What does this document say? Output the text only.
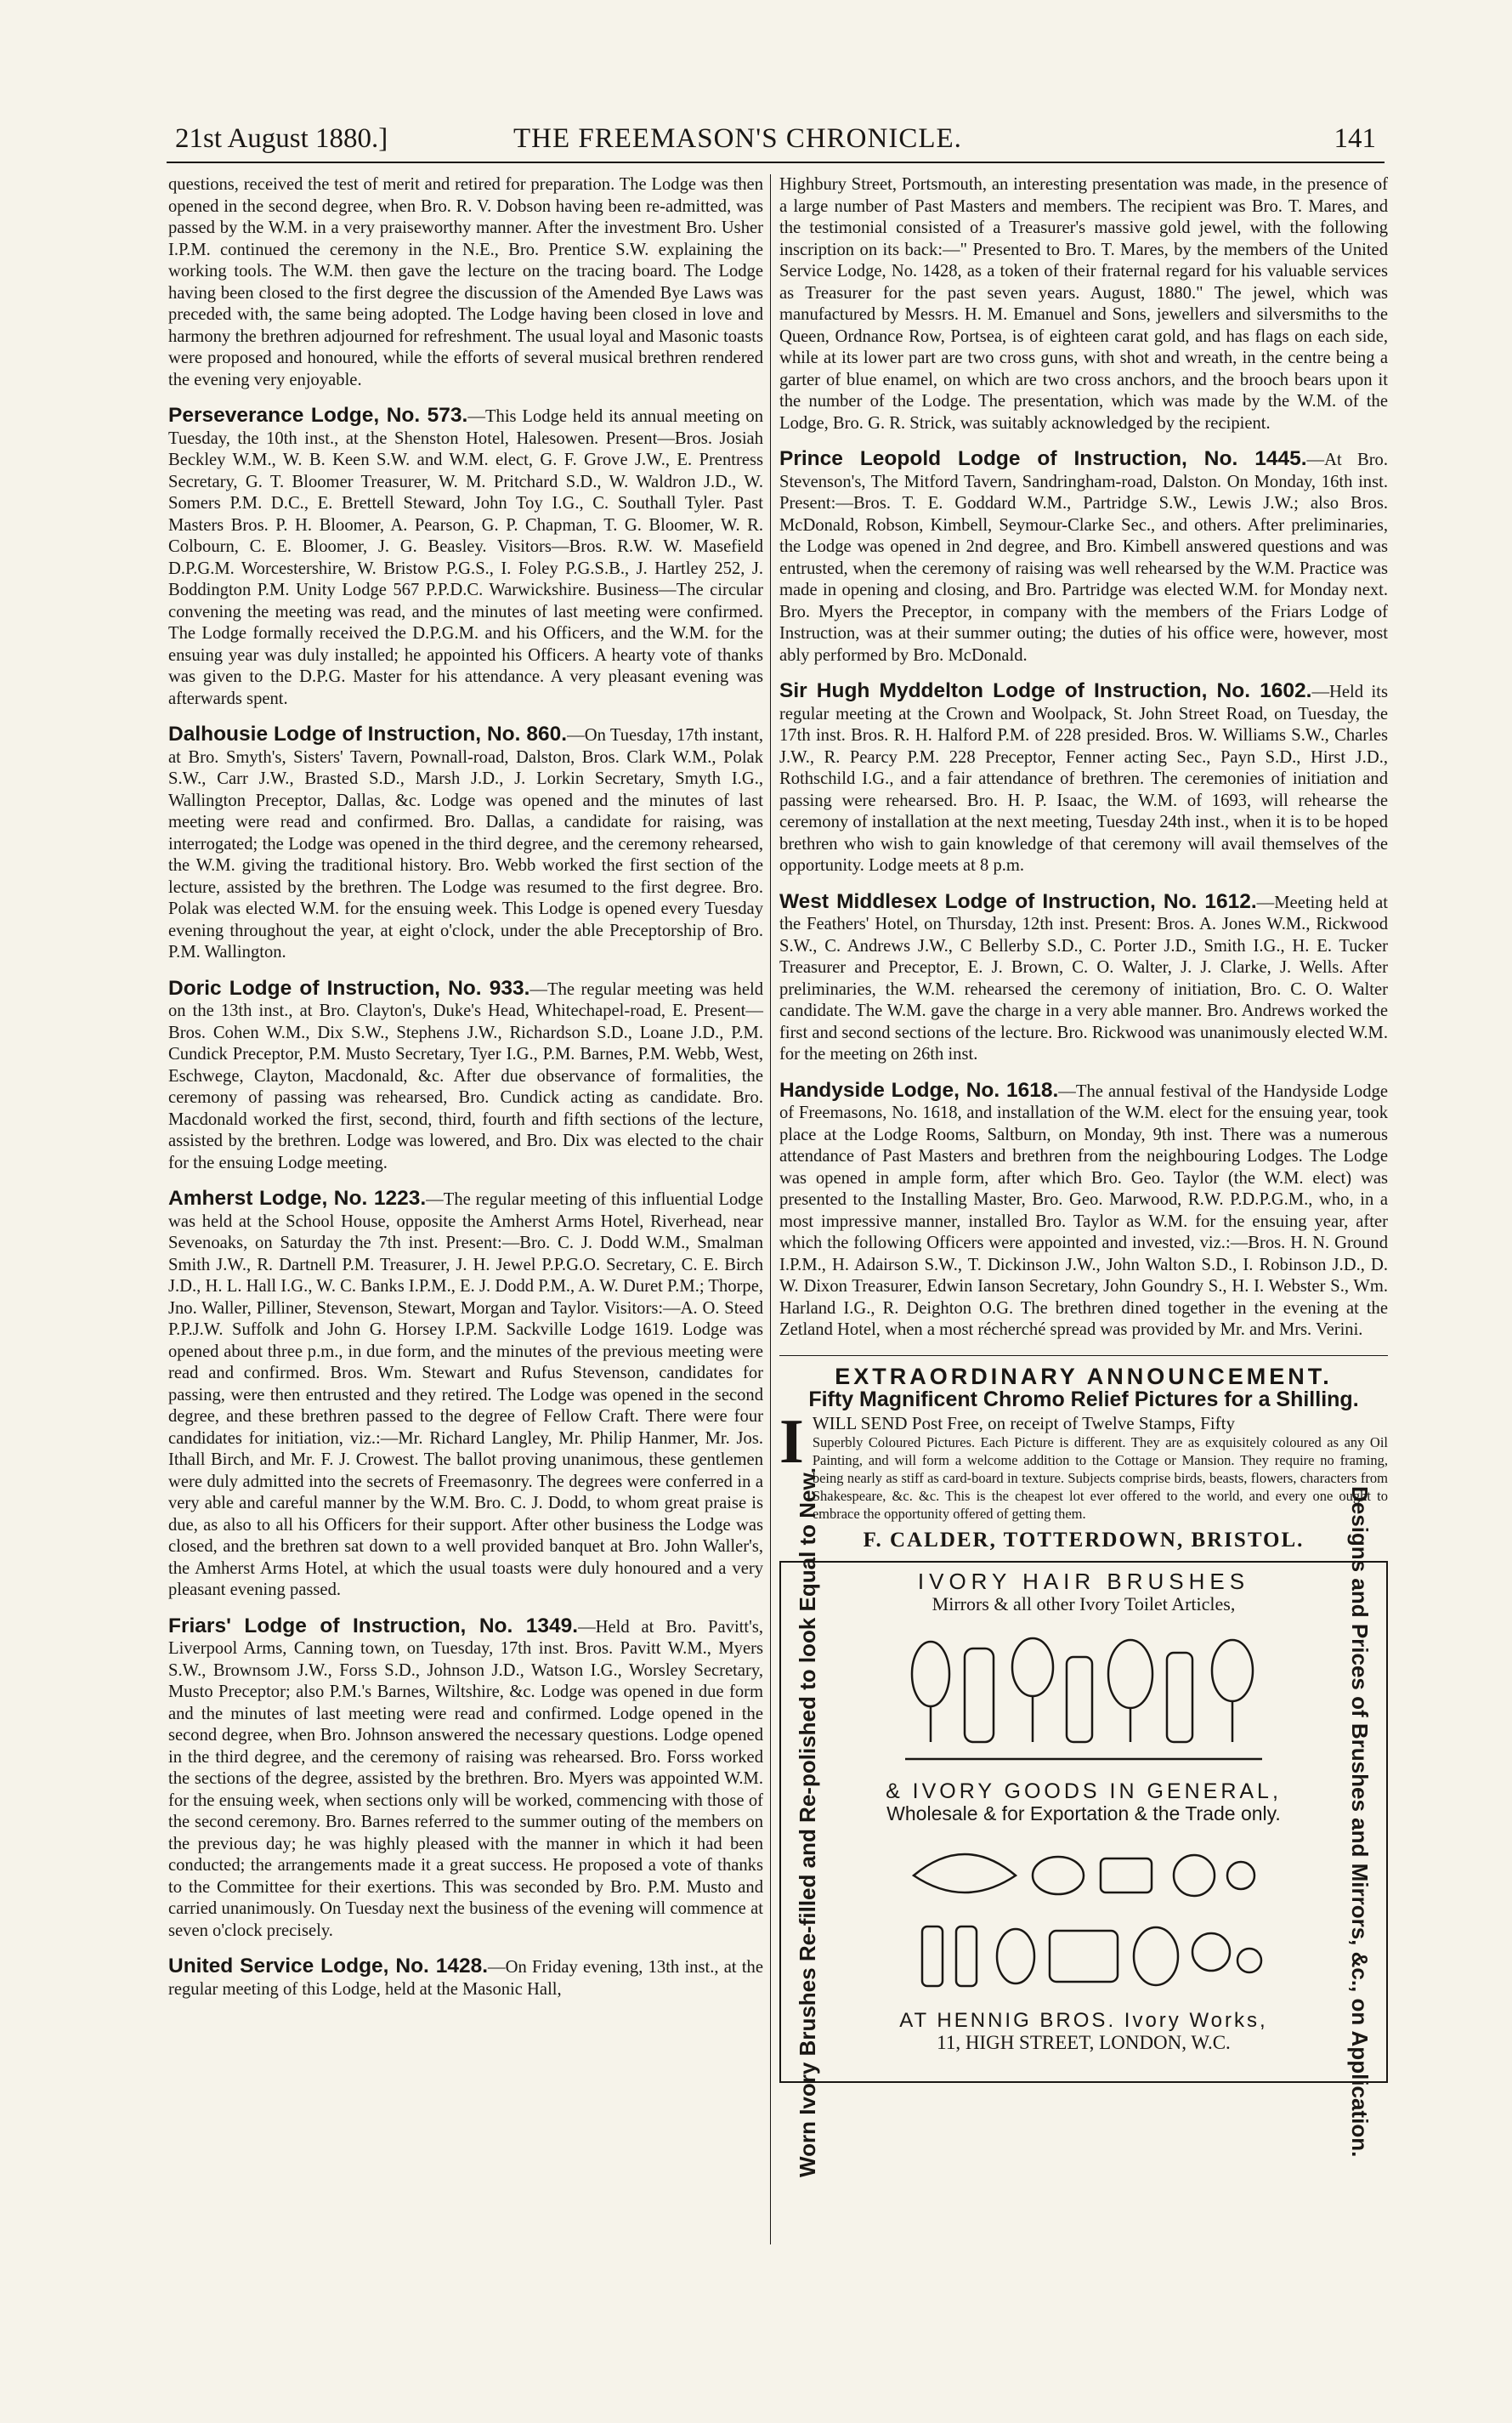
21st August 1880.]	THE FREEMASON'S CHRONICLE.	141

questions, received the test of merit and retired for preparation. The Lodge was then opened in the second degree, when Bro. R. V. Dobson having been re-admitted, was passed by the W.M. in a very praiseworthy manner. After the investment Bro. Usher I.P.M. continued the ceremony in the N.E., Bro. Prentice S.W. explaining the working tools. The W.M. then gave the lecture on the tracing board. The Lodge having been closed to the first degree the discussion of the Amended Bye Laws was preceded with, the same being adopted. The Lodge having been closed in love and harmony the brethren adjourned for refreshment. The usual loyal and Masonic toasts were proposed and honoured, while the efforts of several musical brethren rendered the evening very enjoyable.

Perseverance Lodge, No. 573.—This Lodge held its annual meeting on Tuesday, the 10th inst., at the Shenston Hotel, Halesowen. Present—Bros. Josiah Beckley W.M., W. B. Keen S.W. and W.M. elect, G. F. Grove J.W., E. Prentress Secretary, G. T. Bloomer Treasurer, W. M. Pritchard S.D., W. Waldron J.D., W. Somers P.M. D.C., E. Brettell Steward, John Toy I.G., C. Southall Tyler. Past Masters Bros. P. H. Bloomer, A. Pearson, G. P. Chapman, T. G. Bloomer, W. R. Colbourn, C. E. Bloomer, J. G. Beasley. Visitors—Bros. R.W. W. Masefield D.P.G.M. Worcestershire, W. Bristow P.G.S., I. Foley P.G.S.B., J. Hartley 252, J. Boddington P.M. Unity Lodge 567 P.P.D.C. Warwickshire. Business—The circular convening the meeting was read, and the minutes of last meeting were confirmed. The Lodge formally received the D.P.G.M. and his Officers, and the W.M. for the ensuing year was duly installed; he appointed his Officers. A hearty vote of thanks was given to the D.P.G. Master for his attendance. A very pleasant evening was afterwards spent.

Dalhousie Lodge of Instruction, No. 860.—On Tuesday, 17th instant, at Bro. Smyth's, Sisters' Tavern, Pownall-road, Dalston, Bros. Clark W.M., Polak S.W., Carr J.W., Brasted S.D., Marsh J.D., J. Lorkin Secretary, Smyth I.G., Wallington Preceptor, Dallas, &c. Lodge was opened and the minutes of last meeting were read and confirmed. Bro. Dallas, a candidate for raising, was interrogated; the Lodge was opened in the third degree, and the ceremony rehearsed, the W.M. giving the traditional history. Bro. Webb worked the first section of the lecture, assisted by the brethren. The Lodge was resumed to the first degree. Bro. Polak was elected W.M. for the ensuing week. This Lodge is opened every Tuesday evening throughout the year, at eight o'clock, under the able Preceptorship of Bro. P.M. Wallington.

Doric Lodge of Instruction, No. 933.—The regular meeting was held on the 13th inst., at Bro. Clayton's, Duke's Head, Whitechapel-road, E. Present—Bros. Cohen W.M., Dix S.W., Stephens J.W., Richardson S.D., Loane J.D., P.M. Cundick Preceptor, P.M. Musto Secretary, Tyer I.G., P.M. Barnes, P.M. Webb, West, Eschwege, Clayton, Macdonald, &c. After due observance of formalities, the ceremony of passing was rehearsed, Bro. Cundick acting as candidate. Bro. Macdonald worked the first, second, third, fourth and fifth sections of the lecture, assisted by the brethren. Lodge was lowered, and Bro. Dix was elected to the chair for the ensuing Lodge meeting.

Amherst Lodge, No. 1223.—The regular meeting of this influential Lodge was held at the School House, opposite the Amherst Arms Hotel, Riverhead, near Sevenoaks, on Saturday the 7th inst. Present:—Bro. C. J. Dodd W.M., Smalman Smith J.W., R. Dartnell P.M. Treasurer, J. H. Jewel P.P.G.O. Secretary, C. E. Birch J.D., H. L. Hall I.G., W. C. Banks I.P.M., E. J. Dodd P.M., A. W. Duret P.M.; Thorpe, Jno. Waller, Pilliner, Stevenson, Stewart, Morgan and Taylor. Visitors:—A. O. Steed P.P.J.W. Suffolk and John G. Horsey I.P.M. Sackville Lodge 1619. Lodge was opened about three p.m., in due form, and the minutes of the previous meeting were read and confirmed. Bros. Wm. Stewart and Rufus Stevenson, candidates for passing, were then entrusted and they retired. The Lodge was opened in the second degree, and these brethren passed to the degree of Fellow Craft. There were four candidates for initiation, viz.:—Mr. Richard Langley, Mr. Philip Hanmer, Mr. Jos. Ithall Birch, and Mr. F. J. Crowest. The ballot proving unanimous, these gentlemen were duly admitted into the secrets of Freemasonry. The degrees were conferred in a very able and careful manner by the W.M. Bro. C. J. Dodd, to whom great praise is due, as also to all his Officers for their support. After other business the Lodge was closed, and the brethren sat down to a well provided banquet at Bro. John Waller's, the Amherst Arms Hotel, at which the usual toasts were duly honoured and a very pleasant evening passed.

Friars' Lodge of Instruction, No. 1349.—Held at Bro. Pavitt's, Liverpool Arms, Canning town, on Tuesday, 17th inst. Bros. Pavitt W.M., Myers S.W., Brownsom J.W., Forss S.D., Johnson J.D., Watson I.G., Worsley Secretary, Musto Preceptor; also P.M.'s Barnes, Wiltshire, &c. Lodge was opened in due form and the minutes of last meeting were read and confirmed. Lodge opened in the second degree, when Bro. Johnson answered the necessary questions. Lodge opened in the third degree, and the ceremony of raising was rehearsed. Bro. Forss worked the sections of the degree, assisted by the brethren. Bro. Myers was appointed W.M. for the ensuing week, when sections only will be worked, commencing with those of the second ceremony. Bro. Barnes referred to the summer outing of the members on the previous day; he was highly pleased with the manner in which it had been conducted; the arrangements made it a great success. He proposed a vote of thanks to the Committee for their exertions. This was seconded by Bro. P.M. Musto and carried unanimously. On Tuesday next the business of the evening will commence at seven o'clock precisely.

United Service Lodge, No. 1428.—On Friday evening, 13th inst., at the regular meeting of this Lodge, held at the Masonic Hall,

Highbury Street, Portsmouth, an interesting presentation was made, in the presence of a large number of Past Masters and members. The recipient was Bro. T. Mares, and the testimonial consisted of a Treasurer's massive gold jewel, with the following inscription on its back:—" Presented to Bro. T. Mares, by the members of the United Service Lodge, No. 1428, as a token of their fraternal regard for his valuable services as Treasurer for the past seven years. August, 1880." The jewel, which was manufactured by Messrs. H. M. Emanuel and Sons, jewellers and silversmiths to the Queen, Ordnance Row, Portsea, is of eighteen carat gold, and has flags on each side, while at its lower part are two cross guns, with shot and wreath, in the centre being a garter of blue enamel, on which are two cross anchors, and the brooch bears upon it the number of the Lodge. The presentation, which was made by the W.M. of the Lodge, Bro. G. R. Strick, was suitably acknowledged by the recipient.

Prince Leopold Lodge of Instruction, No. 1445.—At Bro. Stevenson's, The Mitford Tavern, Sandringham-road, Dalston. On Monday, 16th inst. Present:—Bros. T. E. Goddard W.M., Partridge S.W., Lewis J.W.; also Bros. McDonald, Robson, Kimbell, Seymour-Clarke Sec., and others. After preliminaries, the Lodge was opened in 2nd degree, and Bro. Kimbell answered questions and was entrusted, when the ceremony of raising was well rehearsed by the W.M. Practice was made in opening and closing, and Bro. Partridge was elected W.M. for Monday next. Bro. Myers the Preceptor, in company with the members of the Friars Lodge of Instruction, was at their summer outing; the duties of his office were, however, most ably performed by Bro. McDonald.

Sir Hugh Myddelton Lodge of Instruction, No. 1602.—Held its regular meeting at the Crown and Woolpack, St. John Street Road, on Tuesday, the 17th inst. Bros. R. H. Halford P.M. of 228 presided. Bros. W. Williams S.W., Charles J.W., R. Pearcy P.M. 228 Preceptor, Fenner acting Sec., Payn S.D., Hirst J.D., Rothschild I.G., and a fair attendance of brethren. The ceremonies of initiation and passing were rehearsed. Bro. H. P. Isaac, the W.M. of 1693, will rehearse the ceremony of installation at the next meeting, Tuesday 24th inst., when it is to be hoped brethren who wish to gain knowledge of that ceremony will avail themselves of the opportunity. Lodge meets at 8 p.m.

West Middlesex Lodge of Instruction, No. 1612.—Meeting held at the Feathers' Hotel, on Thursday, 12th inst. Present: Bros. A. Jones W.M., Rickwood S.W., C. Andrews J.W., C Bellerby S.D., C. Porter J.D., Smith I.G., H. E. Tucker Treasurer and Preceptor, E. J. Brown, C. O. Walter, J. J. Clarke, J. Wells. After preliminaries, the W.M. rehearsed the ceremony of initiation, Bro. C. O. Walter candidate. The W.M. gave the charge in a very able manner. Bro. Andrews worked the first and second sections of the lecture. Bro. Rickwood was unanimously elected W.M. for the meeting on 26th inst.

Handyside Lodge, No. 1618.—The annual festival of the Handyside Lodge of Freemasons, No. 1618, and installation of the W.M. elect for the ensuing year, took place at the Lodge Rooms, Saltburn, on Monday, 9th inst. There was a numerous attendance of Past Masters and brethren from the neighbouring Lodges. The Lodge was opened in ample form, after which Bro. Geo. Taylor (the W.M. elect) was presented to the Installing Master, Bro. Geo. Marwood, R.W. P.D.P.G.M., who, in a most impressive manner, installed Bro. Taylor as W.M. for the ensuing year, after which the following Officers were appointed and invested, viz.:—Bros. H. N. Ground I.P.M., H. Adairson S.W., T. Dickinson J.W., John Walton S.D., I. Robinson J.D., D. W. Dixon Treasurer, Edwin Ianson Secretary, John Goundry S., H. I. Webster S., Wm. Harland I.G., R. Deighton O.G. The brethren dined together in the evening at the Zetland Hotel, when a most récherché spread was provided by Mr. and Mrs. Verini.

EXTRAORDINARY ANNOUNCEMENT.

Fifty Magnificent Chromo Relief Pictures for a Shilling.

I WILL SEND Post Free, on receipt of Twelve Stamps, Fifty
Superbly Coloured Pictures. Each Picture is different. They are as exquisitely coloured as any Oil Painting, and will form a welcome addition to the Cottage or Mansion. They require no framing, being nearly as stiff as card-board in texture. Subjects comprise birds, beasts, flowers, characters from Shakespeare, &c. &c. This is the cheapest lot ever offered to the world, and every one ought to embrace the opportunity offered of getting them.

F. CALDER, TOTTERDOWN, BRISTOL.

Worn Ivory Brushes Re-filled and Re-polished to look Equal to New.	IVORY HAIR BRUSHES
Mirrors & all other Ivory Toilet Articles,
& IVORY GOODS IN GENERAL,
Wholesale & for Exportation & the Trade only.
AT HENNIG BROS. Ivory Works,
11, HIGH STREET, LONDON, W.C.	Designs and Prices of Brushes and Mirrors, &c., on Application.
